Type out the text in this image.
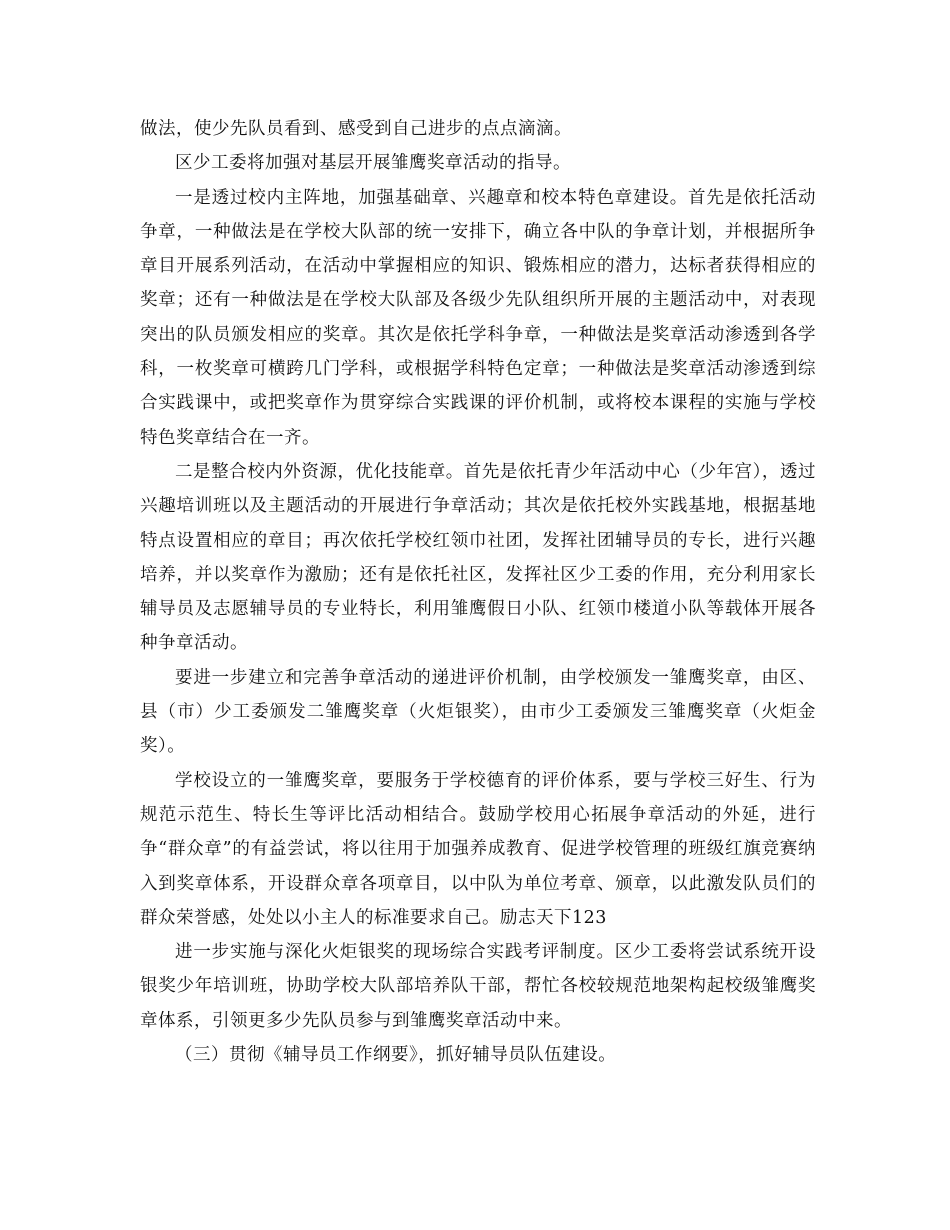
做法，使少先队员看到、感受到自己进步的点点滴滴。

区少工委将加强对基层开展雏鹰奖章活动的指导。

一是透过校内主阵地，加强基础章、兴趣章和校本特色章建设。首先是依托活动争章，一种做法是在学校大队部的统一安排下，确立各中队的争章计划，并根据所争章目开展系列活动，在活动中掌握相应的知识、锻炼相应的潜力，达标者获得相应的奖章；还有一种做法是在学校大队部及各级少先队组织所开展的主题活动中，对表现突出的队员颁发相应的奖章。其次是依托学科争章，一种做法是奖章活动渗透到各学科，一枚奖章可横跨几门学科，或根据学科特色定章；一种做法是奖章活动渗透到综合实践课中，或把奖章作为贯穿综合实践课的评价机制，或将校本课程的实施与学校特色奖章结合在一齐。

二是整合校内外资源，优化技能章。首先是依托青少年活动中心（少年宫），透过兴趣培训班以及主题活动的开展进行争章活动；其次是依托校外实践基地，根据基地特点设置相应的章目；再次依托学校红领巾社团，发挥社团辅导员的专长，进行兴趣培养，并以奖章作为激励；还有是依托社区，发挥社区少工委的作用，充分利用家长辅导员及志愿辅导员的专业特长，利用雏鹰假日小队、红领巾楼道小队等载体开展各种争章活动。

要进一步建立和完善争章活动的递进评价机制，由学校颁发一雏鹰奖章，由区、县（市）少工委颁发二雏鹰奖章（火炬银奖），由市少工委颁发三雏鹰奖章（火炬金奖）。

学校设立的一雏鹰奖章，要服务于学校德育的评价体系，要与学校三好生、行为规范示范生、特长生等评比活动相结合。鼓励学校用心拓展争章活动的外延，进行争“群众章”的有益尝试，将以往用于加强养成教育、促进学校管理的班级红旗竞赛纳入到奖章体系，开设群众章各项章目，以中队为单位考章、颁章，以此激发队员们的群众荣誉感，处处以小主人的标准要求自己。励志天下123

进一步实施与深化火炬银奖的现场综合实践考评制度。区少工委将尝试系统开设银奖少年培训班，协助学校大队部培养队干部，帮忙各校较规范地架构起校级雏鹰奖章体系，引领更多少先队员参与到雏鹰奖章活动中来。

（三）贯彻《辅导员工作纲要》，抓好辅导员队伍建设。
